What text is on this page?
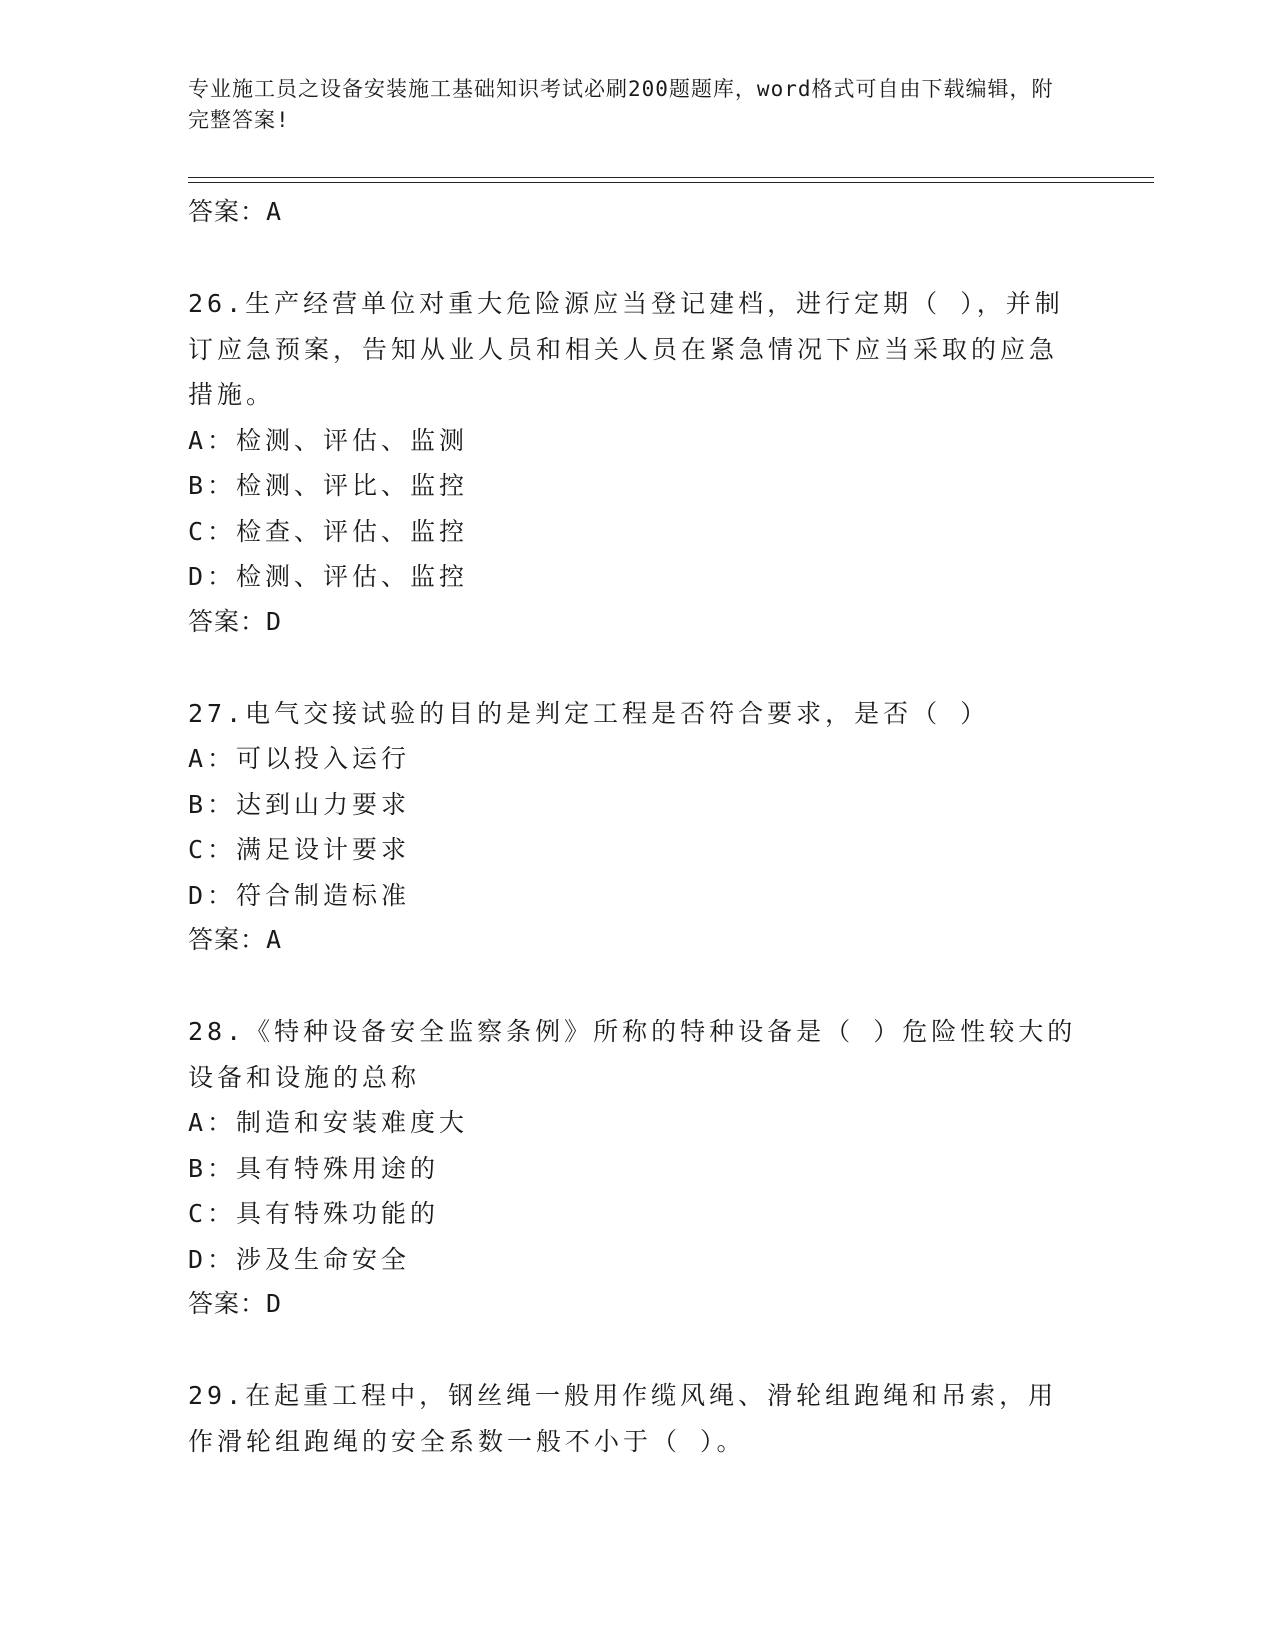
专业施工员之设备安装施工基础知识考试必刷200题题库，word格式可自由下载编辑，附完整答案!

答案：A

26.生产经营单位对重大危险源应当登记建档，进行定期（ ），并制订应急预案，告知从业人员和相关人员在紧急情况下应当采取的应急措施。

A：检测、评估、监测

B：检测、评比、监控

C：检查、评估、监控

D：检测、评估、监控

答案：D

27.电气交接试验的目的是判定工程是否符合要求，是否（ ）

A：可以投入运行

B：达到山力要求

C：满足设计要求

D：符合制造标准

答案：A

28.《特种设备安全监察条例》所称的特种设备是（ ）危险性较大的设备和设施的总称

A：制造和安装难度大

B：具有特殊用途的

C：具有特殊功能的

D：涉及生命安全

答案：D

29.在起重工程中，钢丝绳一般用作缆风绳、滑轮组跑绳和吊索，用作滑轮组跑绳的安全系数一般不小于（ ）。
